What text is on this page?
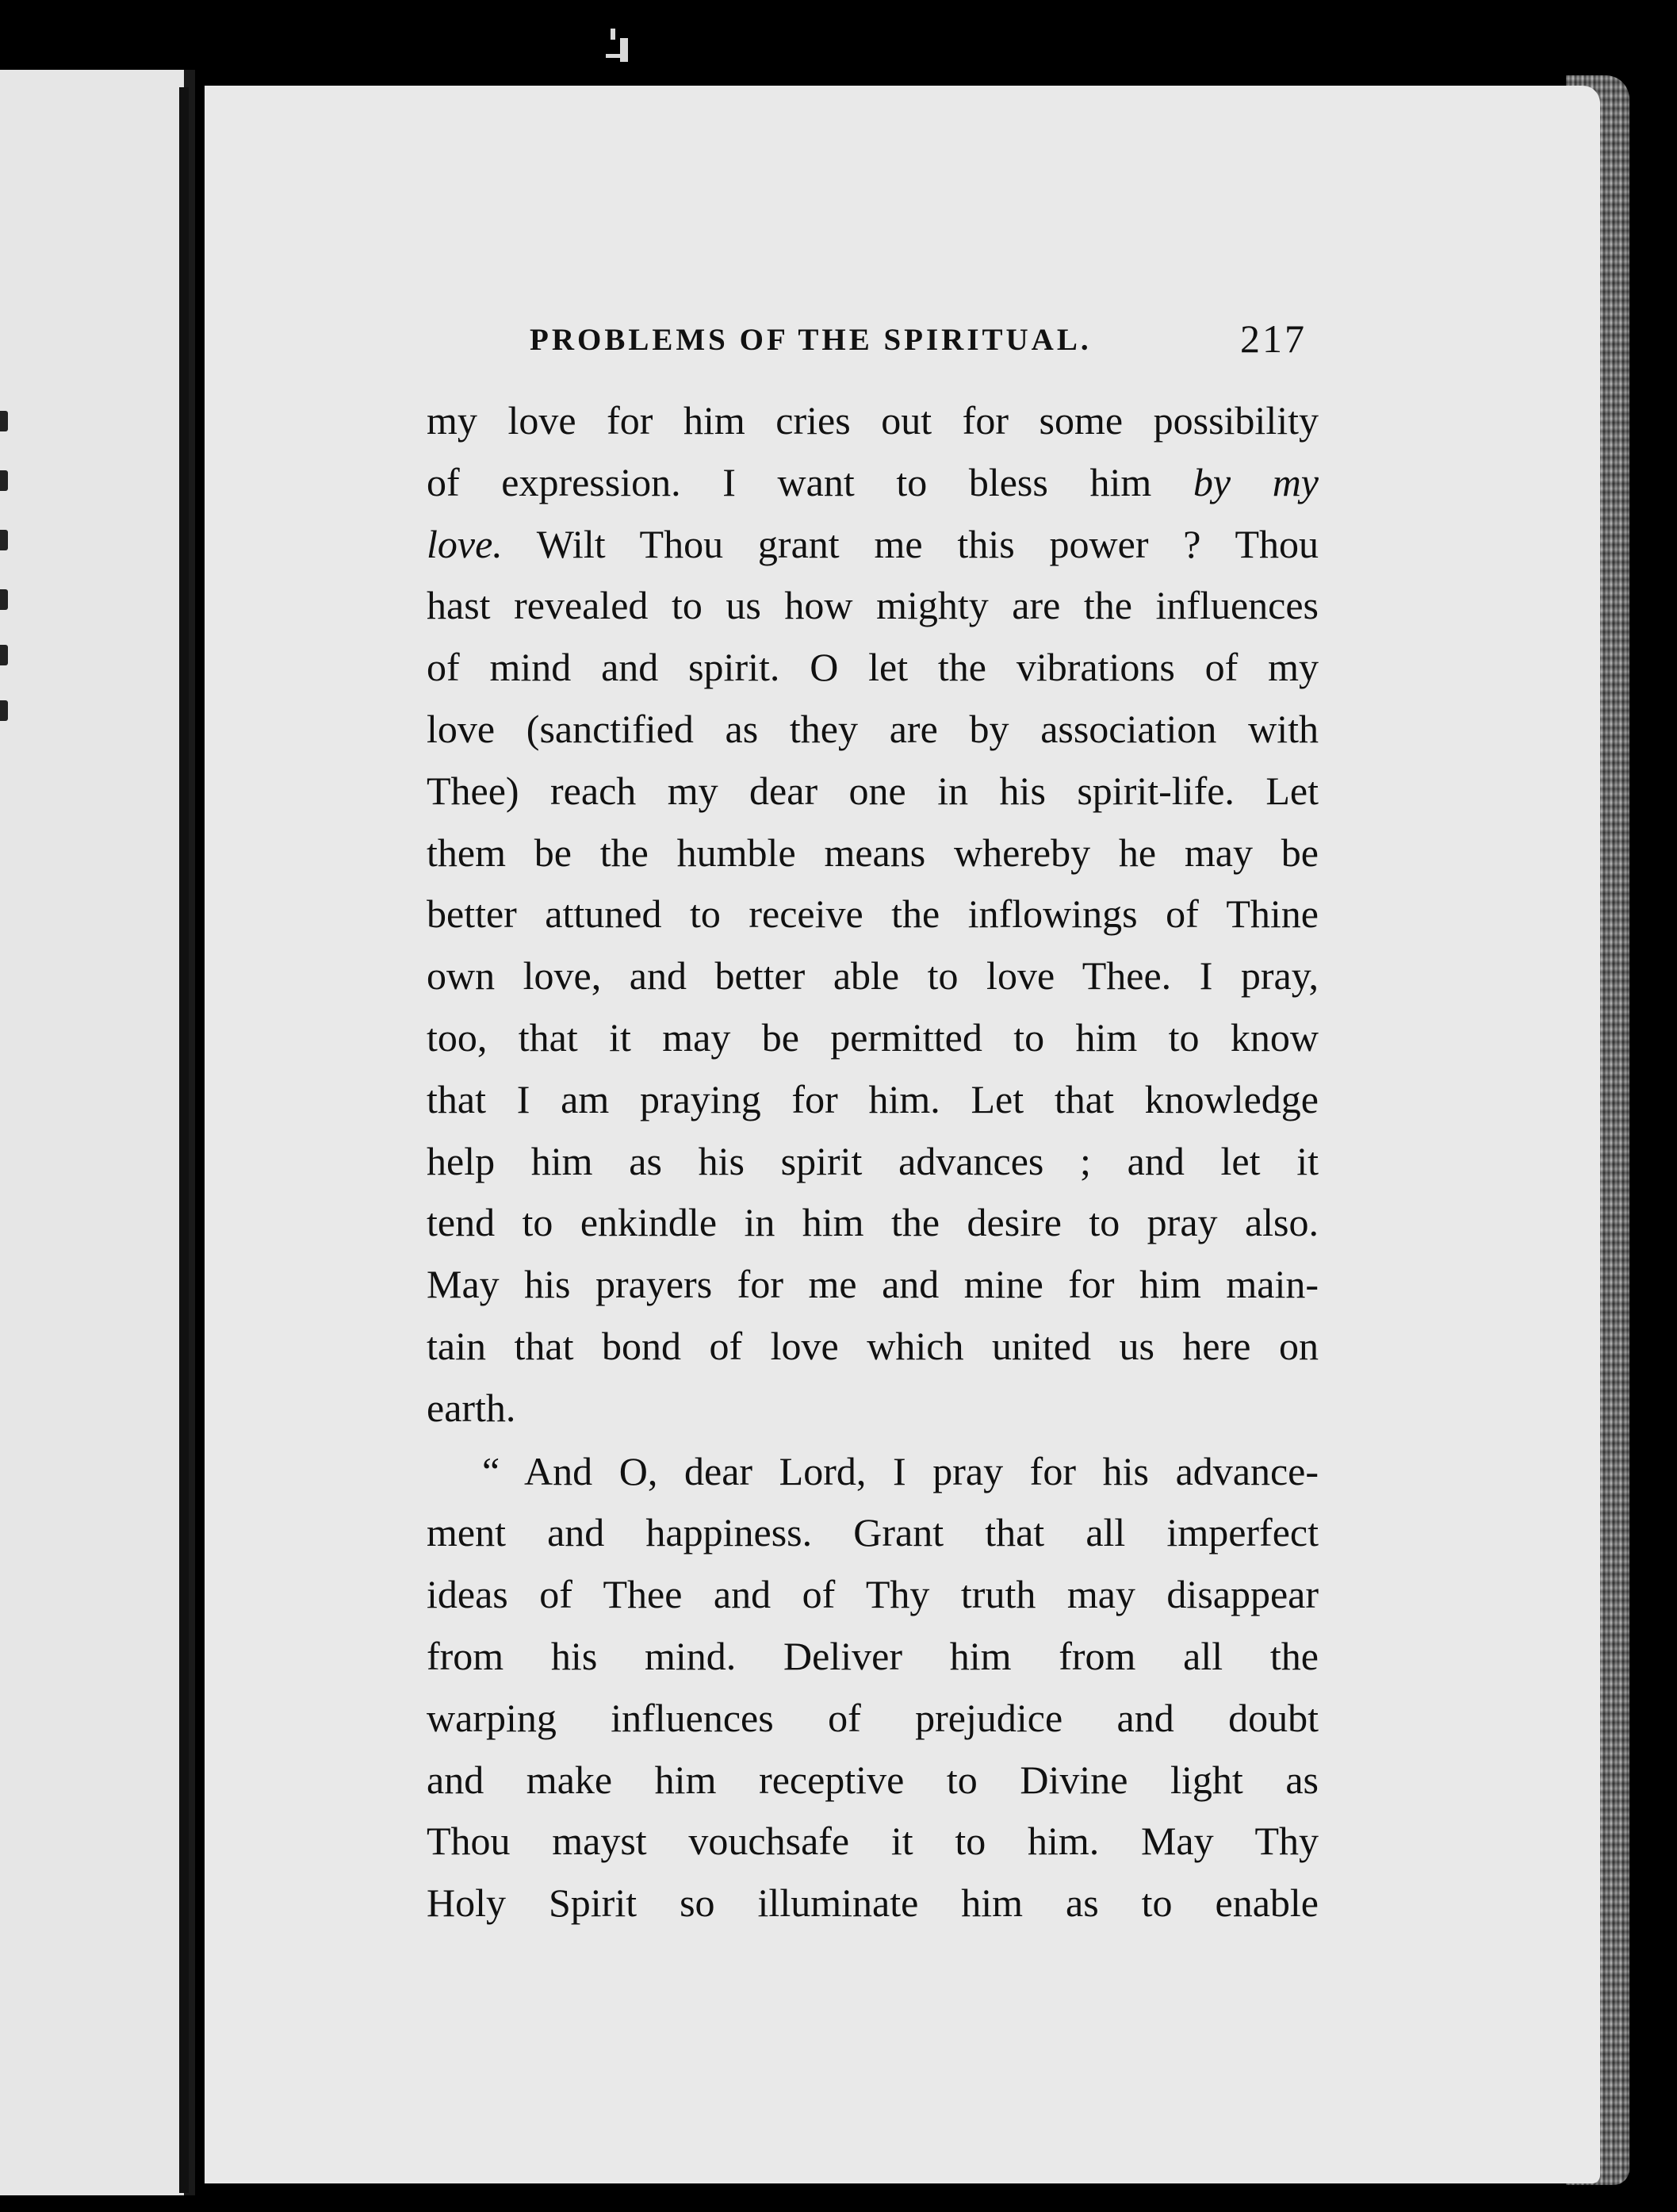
PROBLEMS OF THE SPIRITUAL.	217
my love for him cries out for some possibility
of expression. I want to bless him by my
love. Wilt Thou grant me this power ? Thou
hast revealed to us how mighty are the influences
of mind and spirit. O let the vibrations of my
love (sanctified as they are by association with
Thee) reach my dear one in his spirit-life. Let
them be the humble means whereby he may be
better attuned to receive the inflowings of Thine
own love, and better able to love Thee. I pray,
too, that it may be permitted to him to know
that I am praying for him. Let that knowledge
help him as his spirit advances ; and let it
tend to enkindle in him the desire to pray also.
May his prayers for me and mine for him main-
tain that bond of love which united us here on
earth.
“ And O, dear Lord, I pray for his advance-
ment and happiness. Grant that all imperfect
ideas of Thee and of Thy truth may disappear
from his mind. Deliver him from all the
warping influences of prejudice and doubt
and make him receptive to Divine light as
Thou mayst vouchsafe it to him. May Thy
Holy Spirit so illuminate him as to enable
